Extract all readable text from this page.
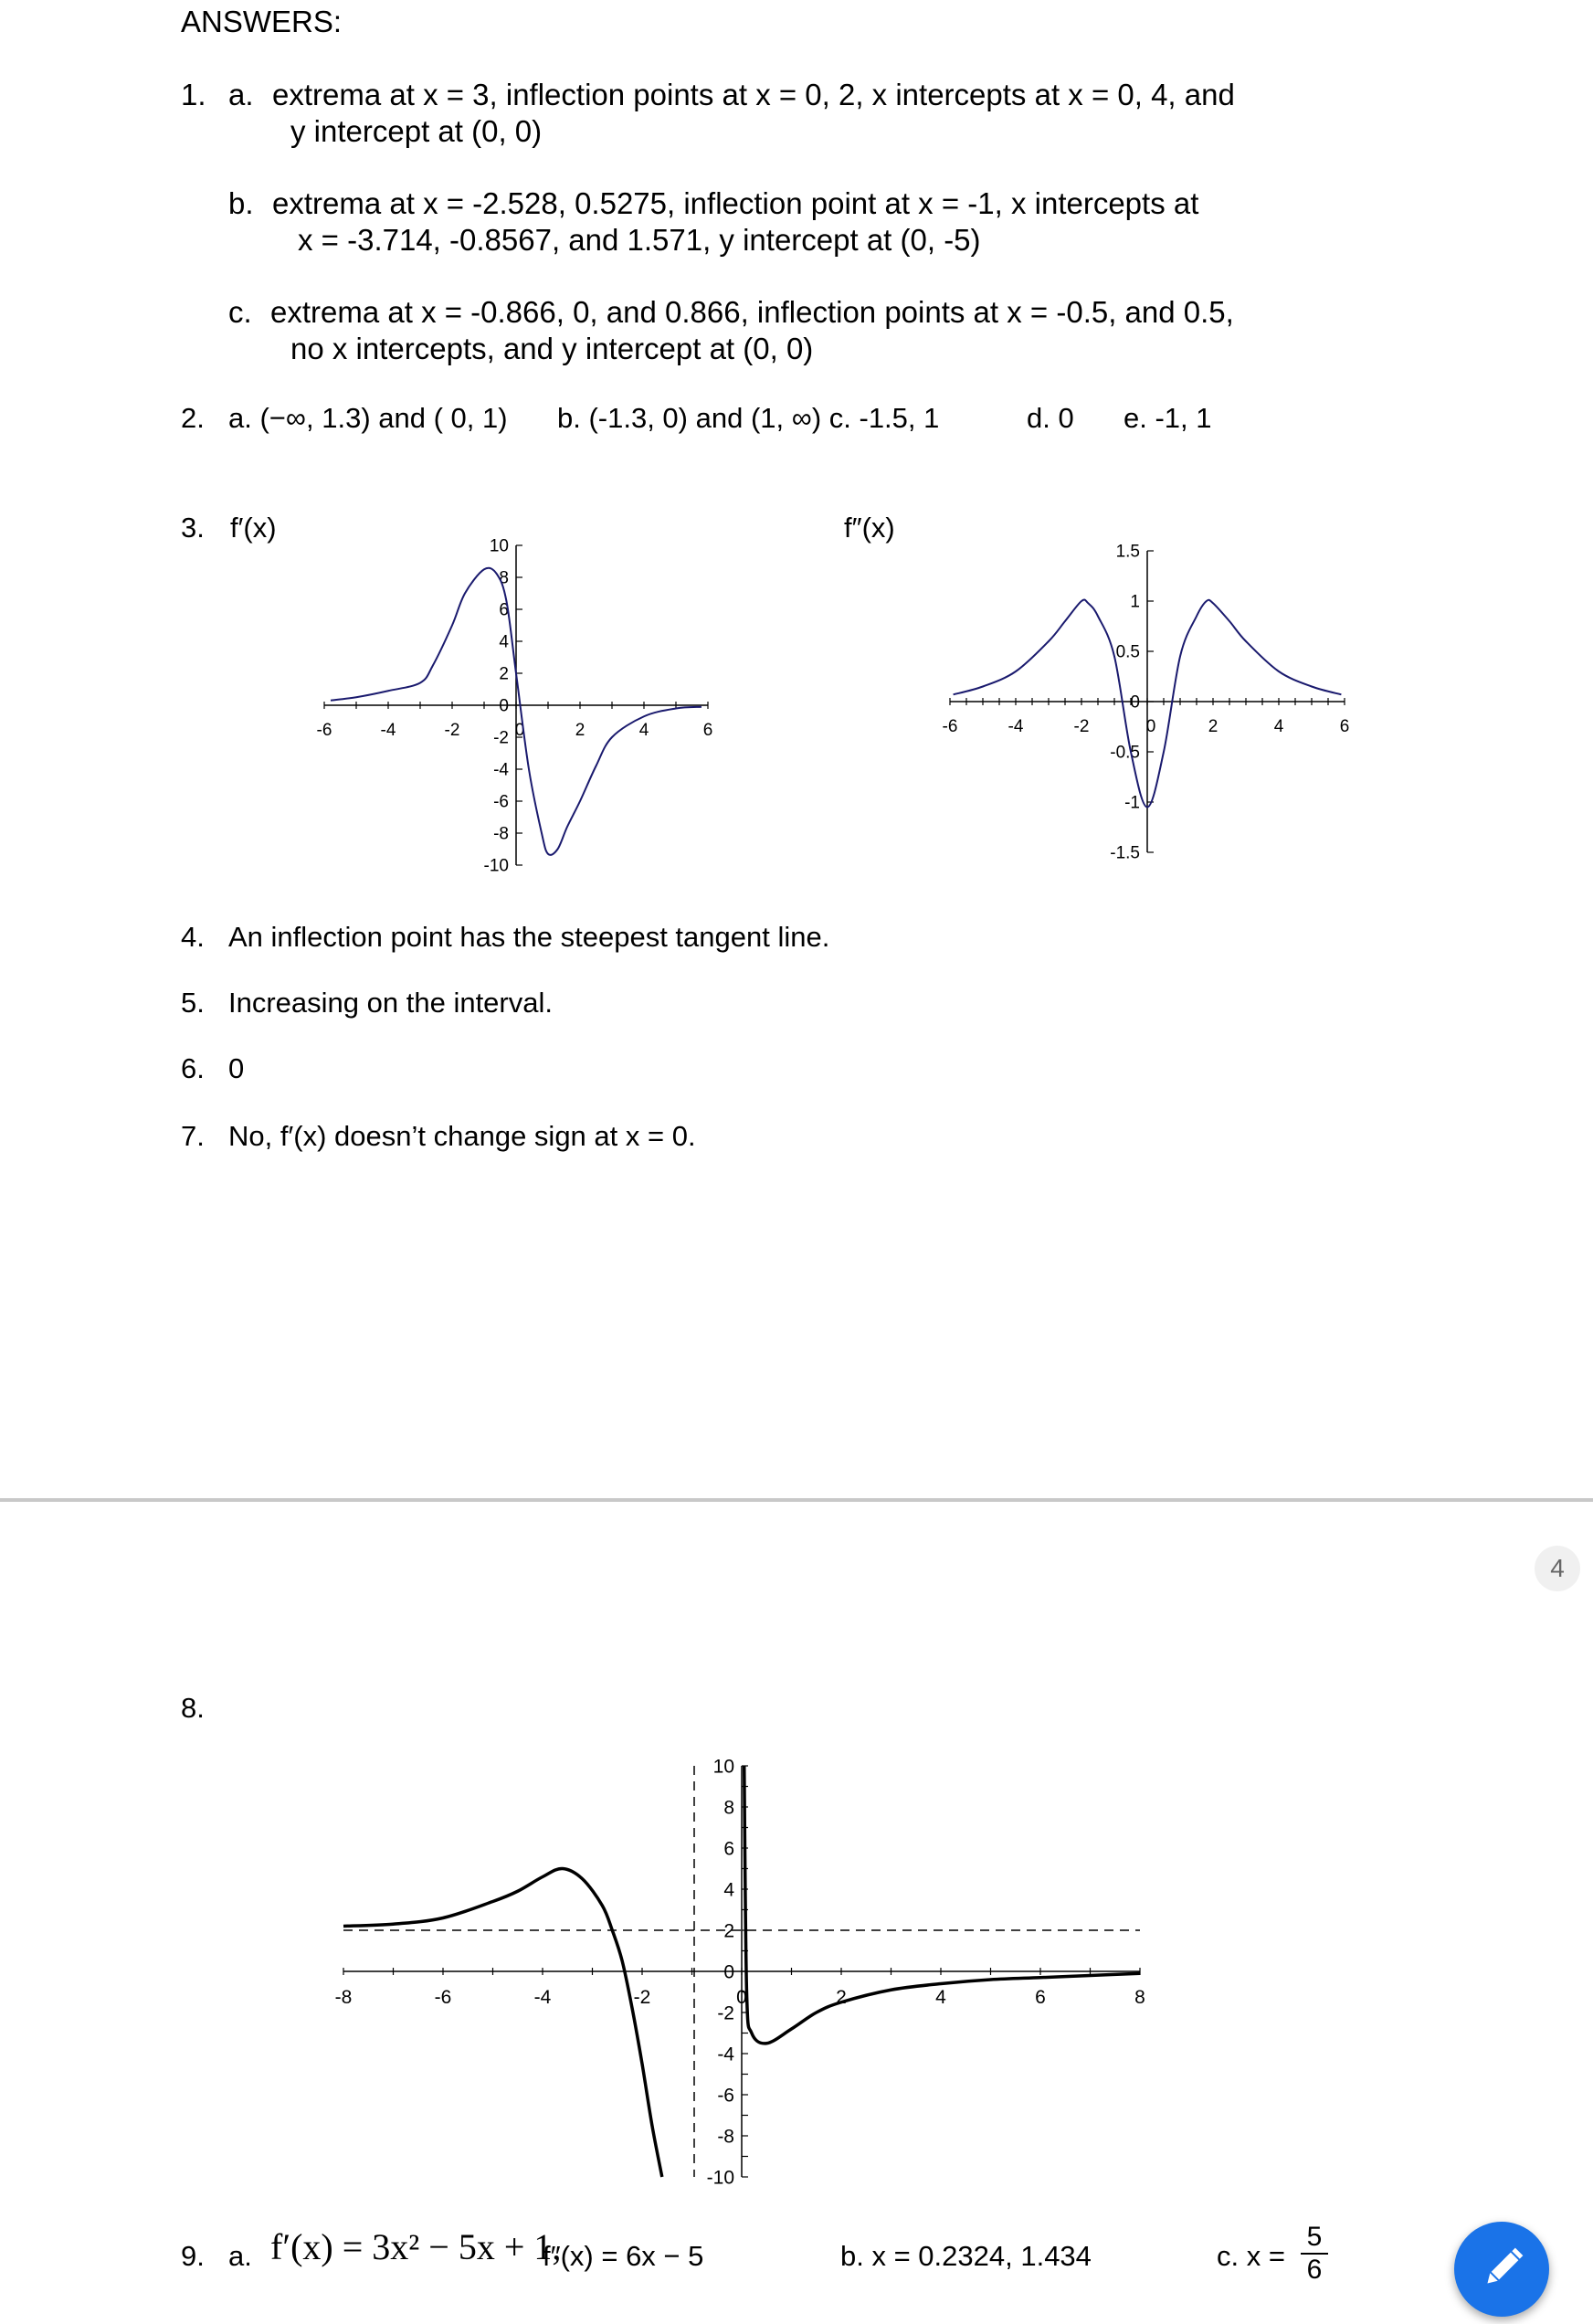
ANSWERS:
1. a. extrema at x = 3, inflection points at x = 0, 2, x intercepts at x = 0, 4, and
y intercept at (0, 0)
b. extrema at x = -2.528, 0.5275, inflection point at x = -1, x intercepts at
x = -3.714, -0.8567, and 1.571, y intercept at (0, -5)
c. extrema at x = -0.866, 0, and 0.866, inflection points at x = -0.5, and 0.5,
no x intercepts, and y intercept at (0, 0)
2. a. (−∞, 1.3) and ( 0, 1) b. (-1.3, 0) and (1, ∞) c. -1.5, 1	d. 0 e. -1, 1
3. f′(x)	f″(x)
-6	-4	-2	0	2	4	6
10
8
6
4
2
0
-2
-4
-6
-8
-10
-6	-4	-2	0	2	4	6
1.5
1
0.5
0
-0.5
-1
-1.5
4. An inflection point has the steepest tangent line.
5. Increasing on the interval.
6. 0
7. No, f′(x) doesn’t change sign at x = 0.
4
8.
-8	-6	-4	-2	0	2	4	6	8
10
8
6
4
2
0
-2
-4
-6
-8
-10
9. a. f′(x) = 3x² − 5x + 1,
f″(x) = 6x − 5	b. x = 0.2324, 1.434	c. $x = \frac{5}{6}$
